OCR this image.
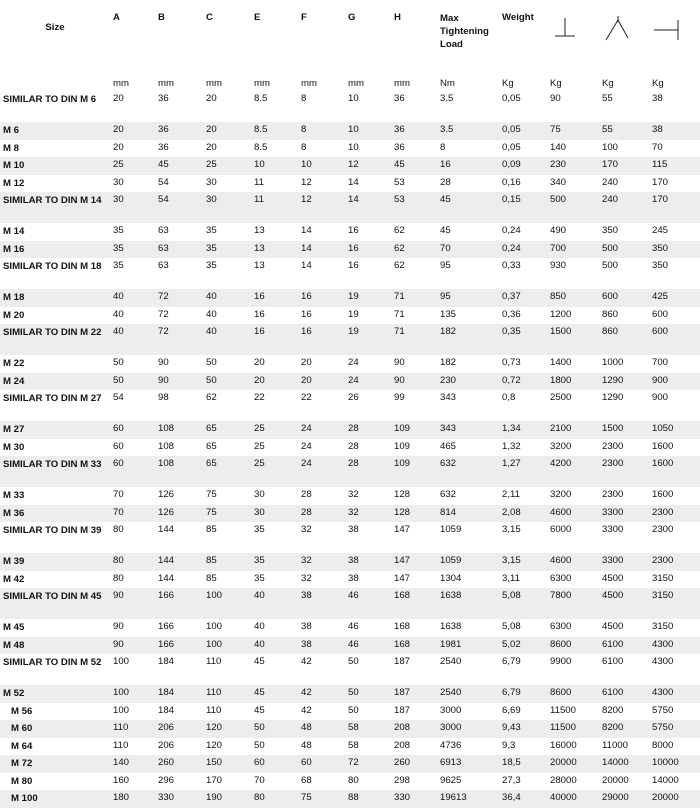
Size	A	B	C	E	F	G	H	Max Tightening Load	Weight	

	mm	mm	mm	mm	mm	mm	mm	Nm	Kg	Kg	Kg	Kg
SIMILAR TO DIN M 6	20	36	20	8.5	8	10	36	3.5	0,05	90	55	38
M 6	20	36	20	8.5	8	10	36	3.5	0,05	75	55	38
M 8	20	36	20	8.5	8	10	36	8	0,05	140	100	70
M 10	25	45	25	10	10	12	45	16	0,09	230	170	115
M 12	30	54	30	11	12	14	53	28	0,16	340	240	170
SIMILAR TO DIN M 14	30	54	30	11	12	14	53	45	0,15	500	240	170
M 14	35	63	35	13	14	16	62	45	0,24	490	350	245
M 16	35	63	35	13	14	16	62	70	0,24	700	500	350
SIMILAR TO DIN M 18	35	63	35	13	14	16	62	95	0,33	930	500	350
M 18	40	72	40	16	16	19	71	95	0,37	850	600	425
M 20	40	72	40	16	16	19	71	135	0,36	1200	860	600
SIMILAR TO DIN M 22	40	72	40	16	16	19	71	182	0,35	1500	860	600
M 22	50	90	50	20	20	24	90	182	0,73	1400	1000	700
M 24	50	90	50	20	20	24	90	230	0,72	1800	1290	900
SIMILAR TO DIN M 27	54	98	62	22	22	26	99	343	0,8	2500	1290	900
M 27	60	108	65	25	24	28	109	343	1,34	2100	1500	1050
M 30	60	108	65	25	24	28	109	465	1,32	3200	2300	1600
SIMILAR TO DIN M 33	60	108	65	25	24	28	109	632	1,27	4200	2300	1600
M 33	70	126	75	30	28	32	128	632	2,11	3200	2300	1600
M 36	70	126	75	30	28	32	128	814	2,08	4600	3300	2300
SIMILAR TO DIN M 39	80	144	85	35	32	38	147	1059	3,15	6000	3300	2300
M 39	80	144	85	35	32	38	147	1059	3,15	4600	3300	2300
M 42	80	144	85	35	32	38	147	1304	3,11	6300	4500	3150
SIMILAR TO DIN M 45	90	166	100	40	38	46	168	1638	5,08	7800	4500	3150
M 45	90	166	100	40	38	46	168	1638	5,08	6300	4500	3150
M 48	90	166	100	40	38	46	168	1981	5,02	8600	6100	4300
SIMILAR TO DIN M 52	100	184	110	45	42	50	187	2540	6,79	9900	6100	4300
M 52	100	184	110	45	42	50	187	2540	6,79	8600	6100	4300
M 56	100	184	110	45	42	50	187	3000	6,69	11500	8200	5750
M 60	110	206	120	50	48	58	208	3000	9,43	11500	8200	5750
M 64	110	206	120	50	48	58	208	4736	9,3	16000	11000	8000
M 72	140	260	150	60	60	72	260	6913	18,5	20000	14000	10000
M 80	160	296	170	70	68	80	298	9625	27,3	28000	20000	14000
M 100	180	330	190	80	75	88	330	19613	36,4	40000	29000	20000
